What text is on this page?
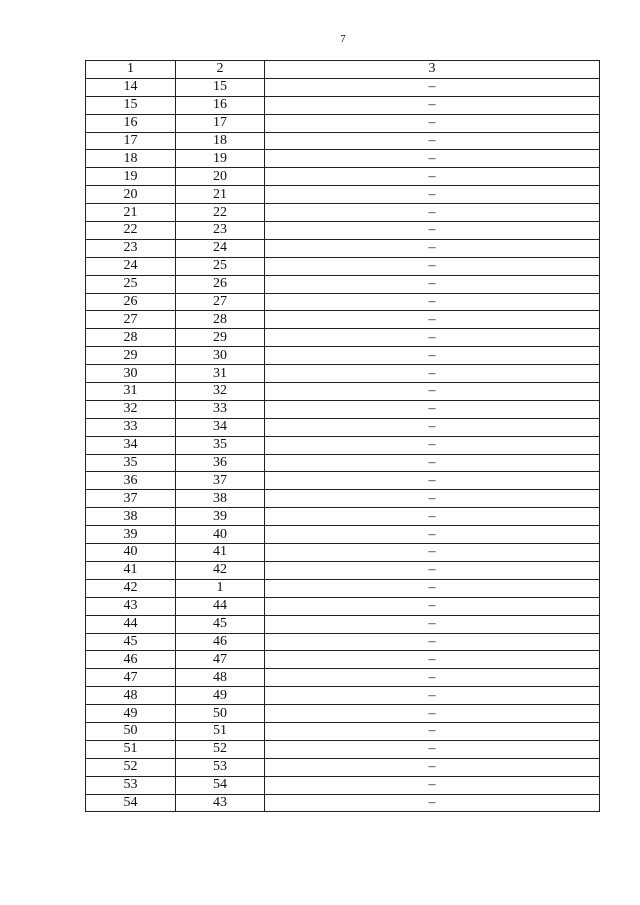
7
1	2	3
14	15	–
15	16	–
16	17	–
17	18	–
18	19	–
19	20	–
20	21	–
21	22	–
22	23	–
23	24	–
24	25	–
25	26	–
26	27	–
27	28	–
28	29	–
29	30	–
30	31	–
31	32	–
32	33	–
33	34	–
34	35	–
35	36	–
36	37	–
37	38	–
38	39	–
39	40	–
40	41	–
41	42	–
42	1	–
43	44	–
44	45	–
45	46	–
46	47	–
47	48	–
48	49	–
49	50	–
50	51	–
51	52	–
52	53	–
53	54	–
54	43	–
